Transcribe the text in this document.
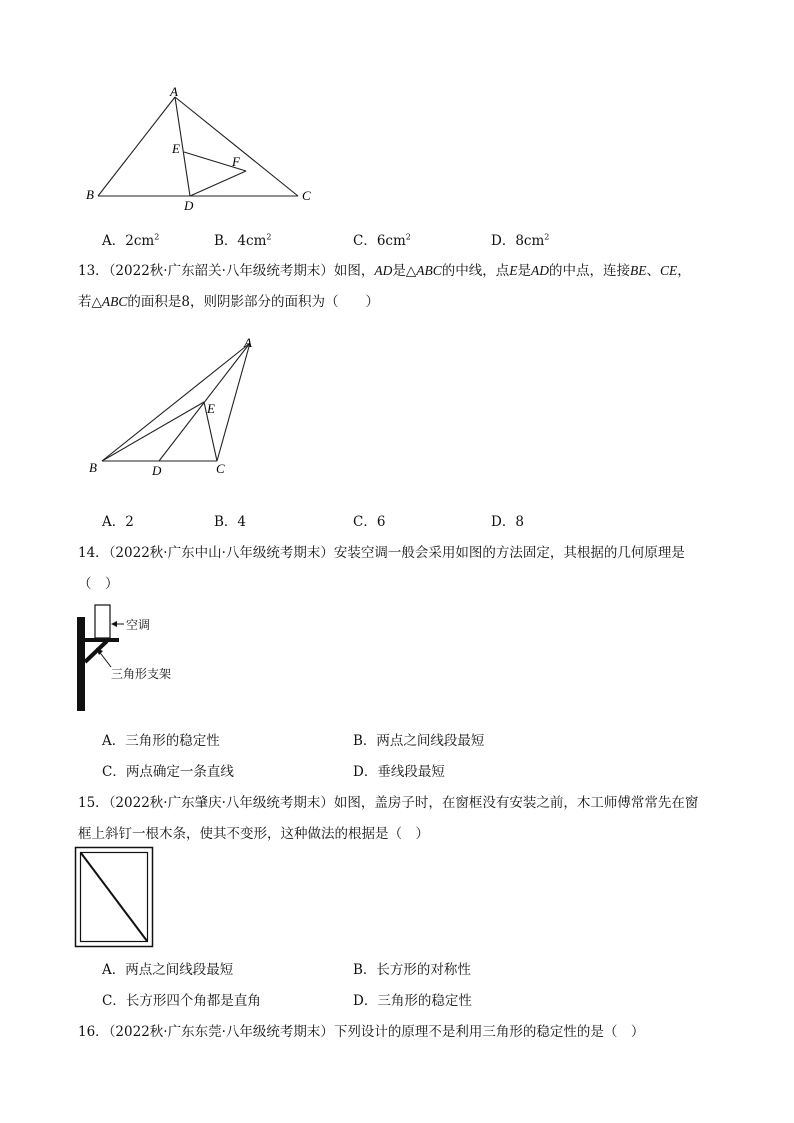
A
B	C
D
E
F
A．$2cm^2$	B．$4cm^2$	C．$6cm^2$	D．$8cm^2$
13．（2022秋·广东韶关·八年级统考期末）如图，AD是△ABC的中线，点E是AD的中点，连接BE、CE，
若△ABC的面积是8，则阴影部分的面积为（　　）
A
B	C
D
E
A．2	B．4	C．6	D．8
14．（2022秋·广东中山·八年级统考期末）安装空调一般会采用如图的方法固定，其根据的几何原理是
（　）
空调
三角形支架
A．三角形的稳定性	B．两点之间线段最短
C．两点确定一条直线	D．垂线段最短
15．（2022秋·广东肇庆·八年级统考期末）如图，盖房子时，在窗框没有安装之前，木工师傅常常先在窗
框上斜钉一根木条，使其不变形，这种做法的根据是（　）
A．两点之间线段最短	B．长方形的对称性
C．长方形四个角都是直角	D．三角形的稳定性
16．（2022秋·广东东莞·八年级统考期末）下列设计的原理不是利用三角形的稳定性的是（　）
